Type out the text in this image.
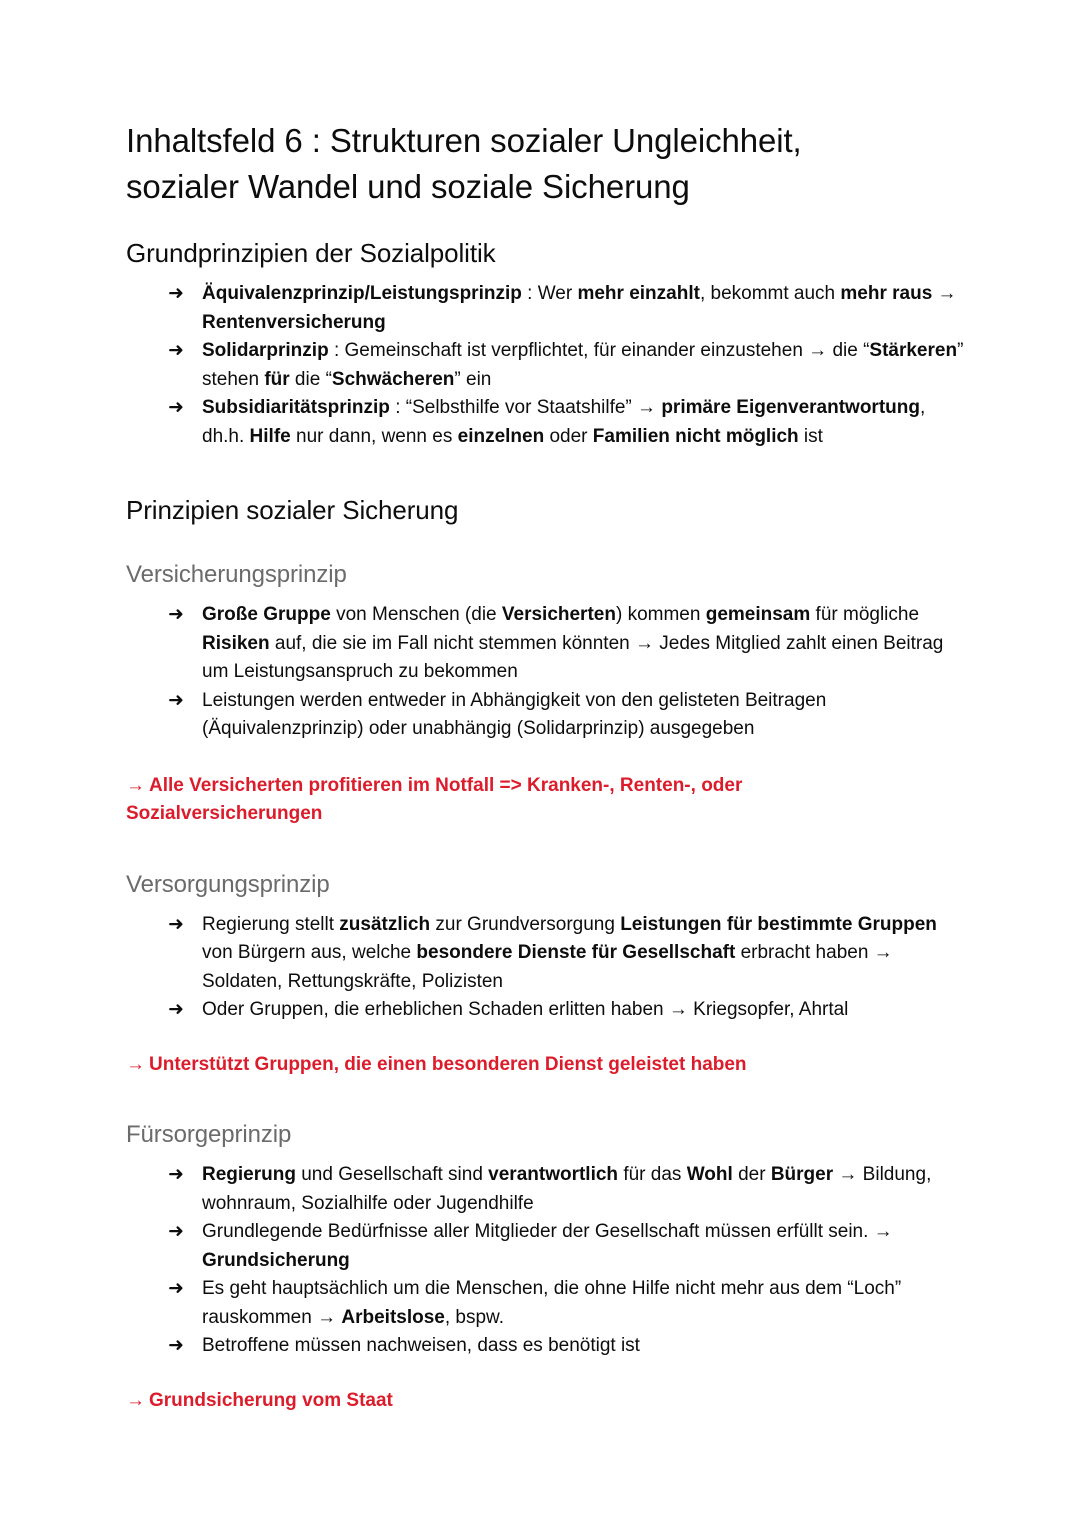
Inhaltsfeld 6 : Strukturen sozialer Ungleichheit,
sozialer Wandel und soziale Sicherung
Grundprinzipien der Sozialpolitik
➜ Äquivalenzprinzip/Leistungsprinzip : Wer mehr einzahlt, bekommt auch mehr raus → Rentenversicherung
➜ Solidarprinzip : Gemeinschaft ist verpflichtet, für einander einzustehen → die “Stärkeren” stehen für die “Schwächeren” ein
➜ Subsidiaritätsprinzip : “Selbsthilfe vor Staatshilfe” → primäre Eigenverantwortung, dh.h. Hilfe nur dann, wenn es einzelnen oder Familien nicht möglich ist
Prinzipien sozialer Sicherung
Versicherungsprinzip
➜ Große Gruppe von Menschen (die Versicherten) kommen gemeinsam für mögliche Risiken auf, die sie im Fall nicht stemmen könnten → Jedes Mitglied zahlt einen Beitrag um Leistungsanspruch zu bekommen
➜ Leistungen werden entweder in Abhängigkeit von den gelisteten Beitragen (Äquivalenzprinzip) oder unabhängig (Solidarprinzip) ausgegeben

→ Alle Versicherten profitieren im Notfall => Kranken-, Renten-, oder Sozialversicherungen

Versorgungsprinzip
➜ Regierung stellt zusätzlich zur Grundversorgung Leistungen für bestimmte Gruppen von Bürgern aus, welche besondere Dienste für Gesellschaft erbracht haben → Soldaten, Rettungskräfte, Polizisten
➜ Oder Gruppen, die erheblichen Schaden erlitten haben → Kriegsopfer, Ahrtal

→ Unterstützt Gruppen, die einen besonderen Dienst geleistet haben

Fürsorgeprinzip
➜ Regierung und Gesellschaft sind verantwortlich für das Wohl der Bürger → Bildung, wohnraum, Sozialhilfe oder Jugendhilfe
➜ Grundlegende Bedürfnisse aller Mitglieder der Gesellschaft müssen erfüllt sein. → Grundsicherung
➜ Es geht hauptsächlich um die Menschen, die ohne Hilfe nicht mehr aus dem “Loch” rauskommen → Arbeitslose, bspw.
➜ Betroffene müssen nachweisen, dass es benötigt ist

→ Grundsicherung vom Staat
